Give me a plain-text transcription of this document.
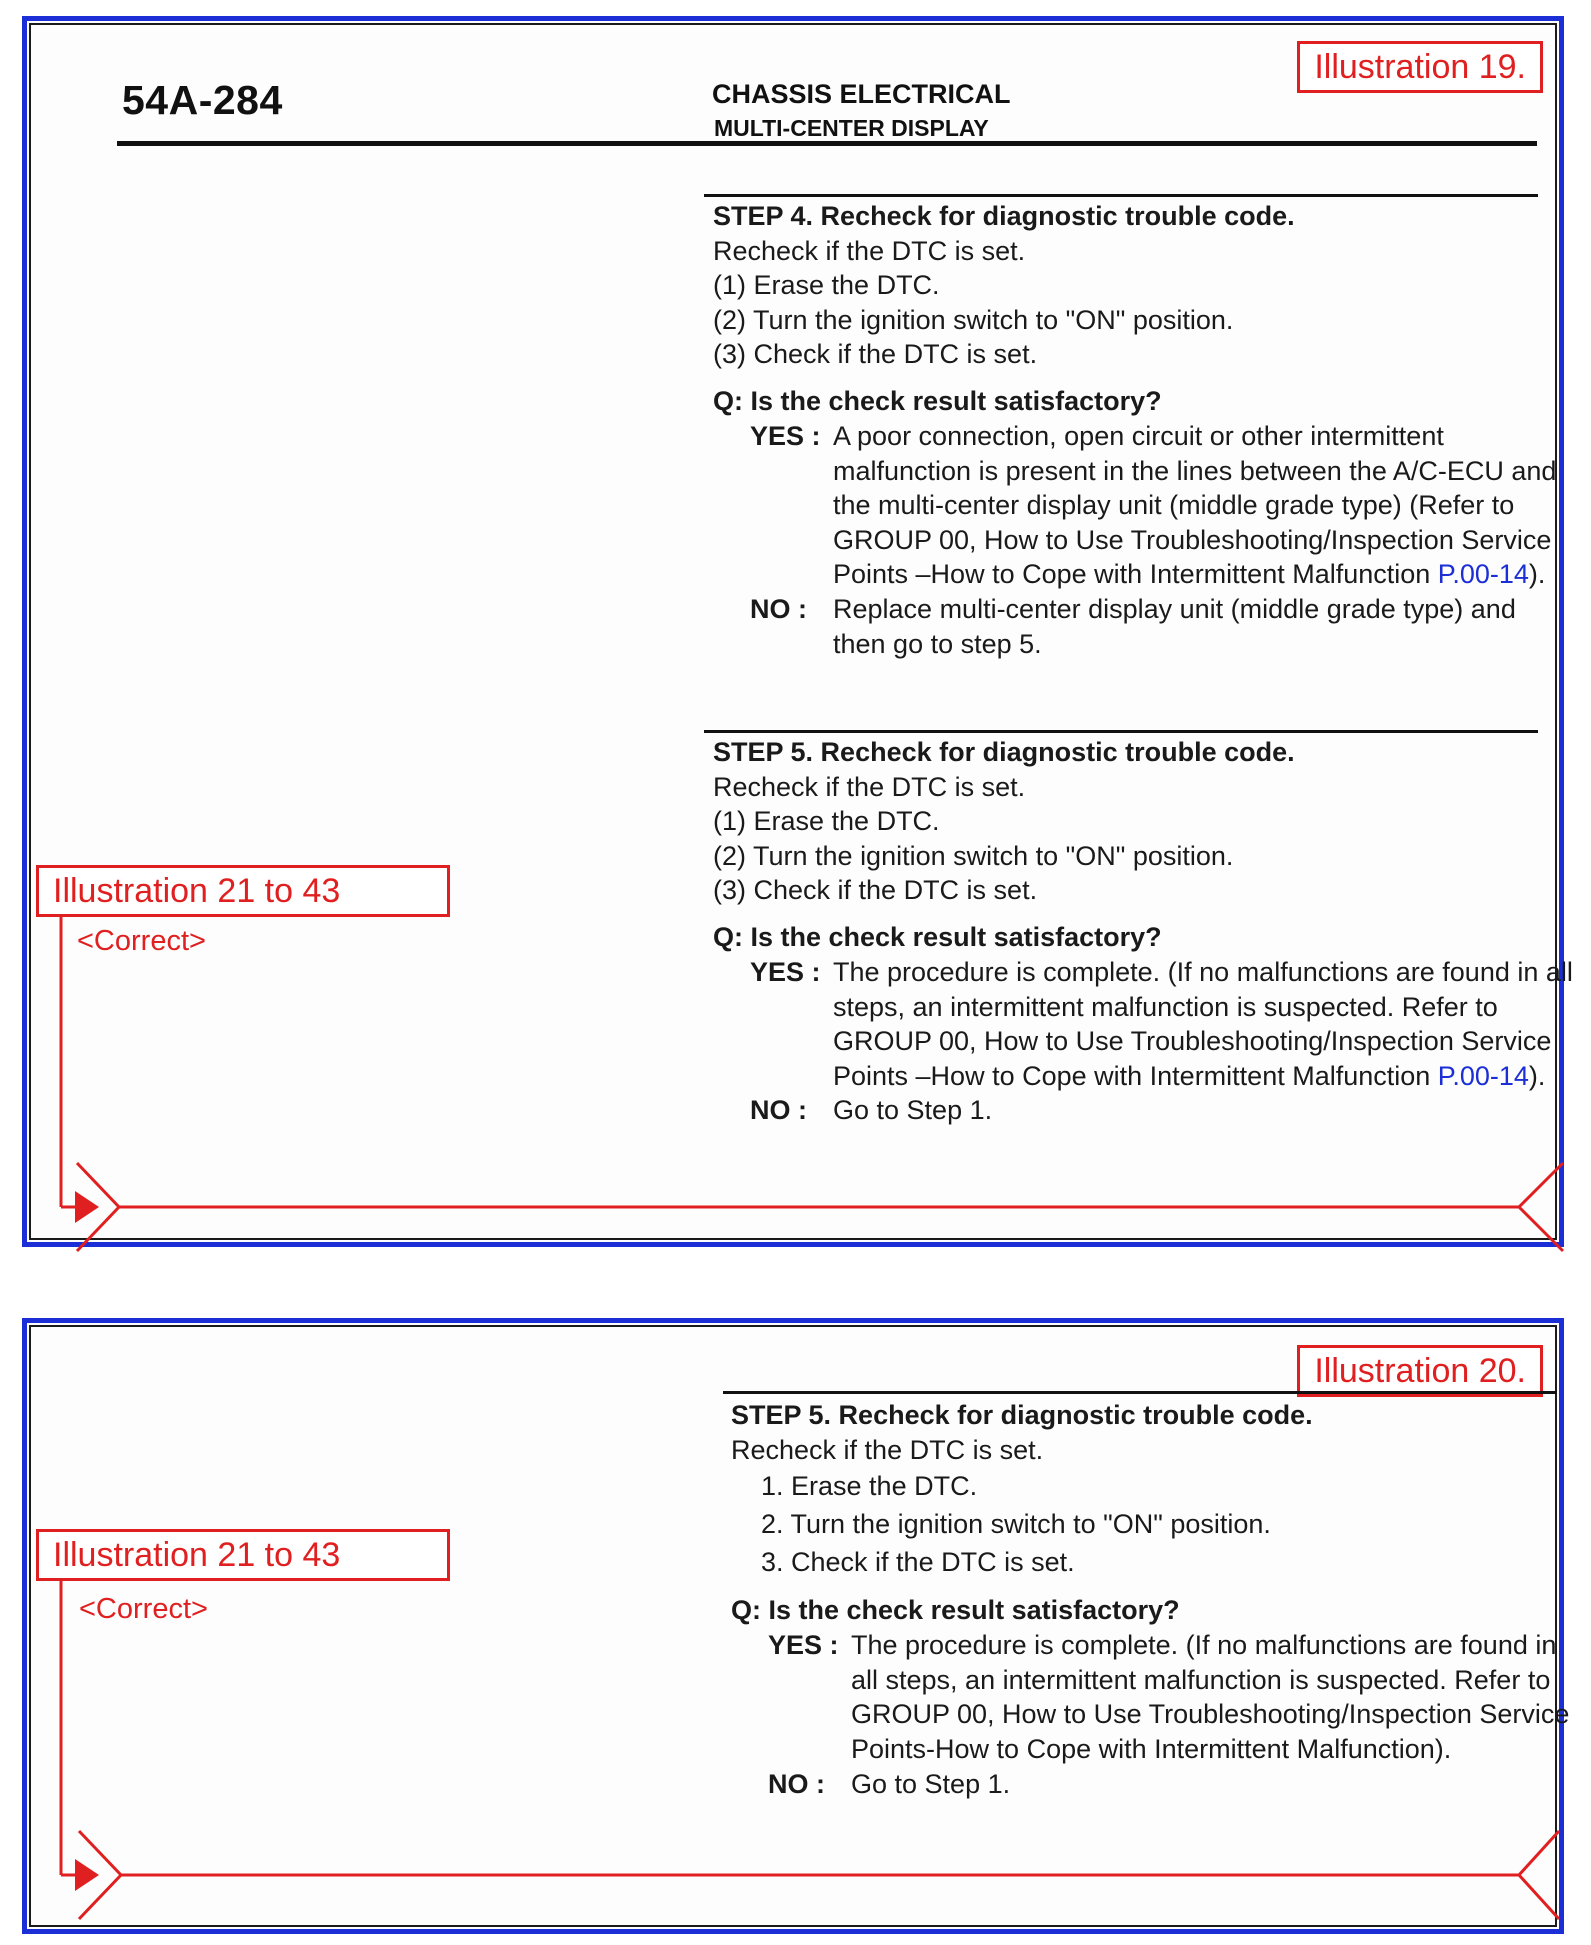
Illustration 19.
54A-284	CHASSIS ELECTRICAL
MULTI-CENTER DISPLAY
STEP 4. Recheck for diagnostic trouble code.
Recheck if the DTC is set.
(1) Erase the DTC.
(2) Turn the ignition switch to "ON" position.
(3) Check if the DTC is set.
Q: Is the check result satisfactory?
YES : A poor connection, open circuit or other intermittent malfunction is present in the lines between the A/C-ECU and the multi-center display unit (middle grade type) (Refer to GROUP 00, How to Use Troubleshooting/Inspection Service Points –How to Cope with Intermittent Malfunction P.00-14).
NO : Replace multi-center display unit (middle grade type) and then go to step 5.
STEP 5. Recheck for diagnostic trouble code.
Recheck if the DTC is set.
(1) Erase the DTC.
(2) Turn the ignition switch to "ON" position.
(3) Check if the DTC is set.
Q: Is the check result satisfactory?
YES : The procedure is complete. (If no malfunctions are found in all steps, an intermittent malfunction is suspected. Refer to GROUP 00, How to Use Troubleshooting/Inspection Service Points –How to Cope with Intermittent Malfunction P.00-14).
NO : Go to Step 1.
Illustration 21 to 43
<Correct>
Illustration 20.
STEP 5. Recheck for diagnostic trouble code.
Recheck if the DTC is set.
1. Erase the DTC.
2. Turn the ignition switch to "ON" position.
3. Check if the DTC is set.
Q: Is the check result satisfactory?
YES : The procedure is complete. (If no malfunctions are found in all steps, an intermittent malfunction is suspected. Refer to GROUP 00, How to Use Troubleshooting/Inspection Service Points-How to Cope with Intermittent Malfunction).
NO : Go to Step 1.
Illustration 21 to 43
<Correct>
